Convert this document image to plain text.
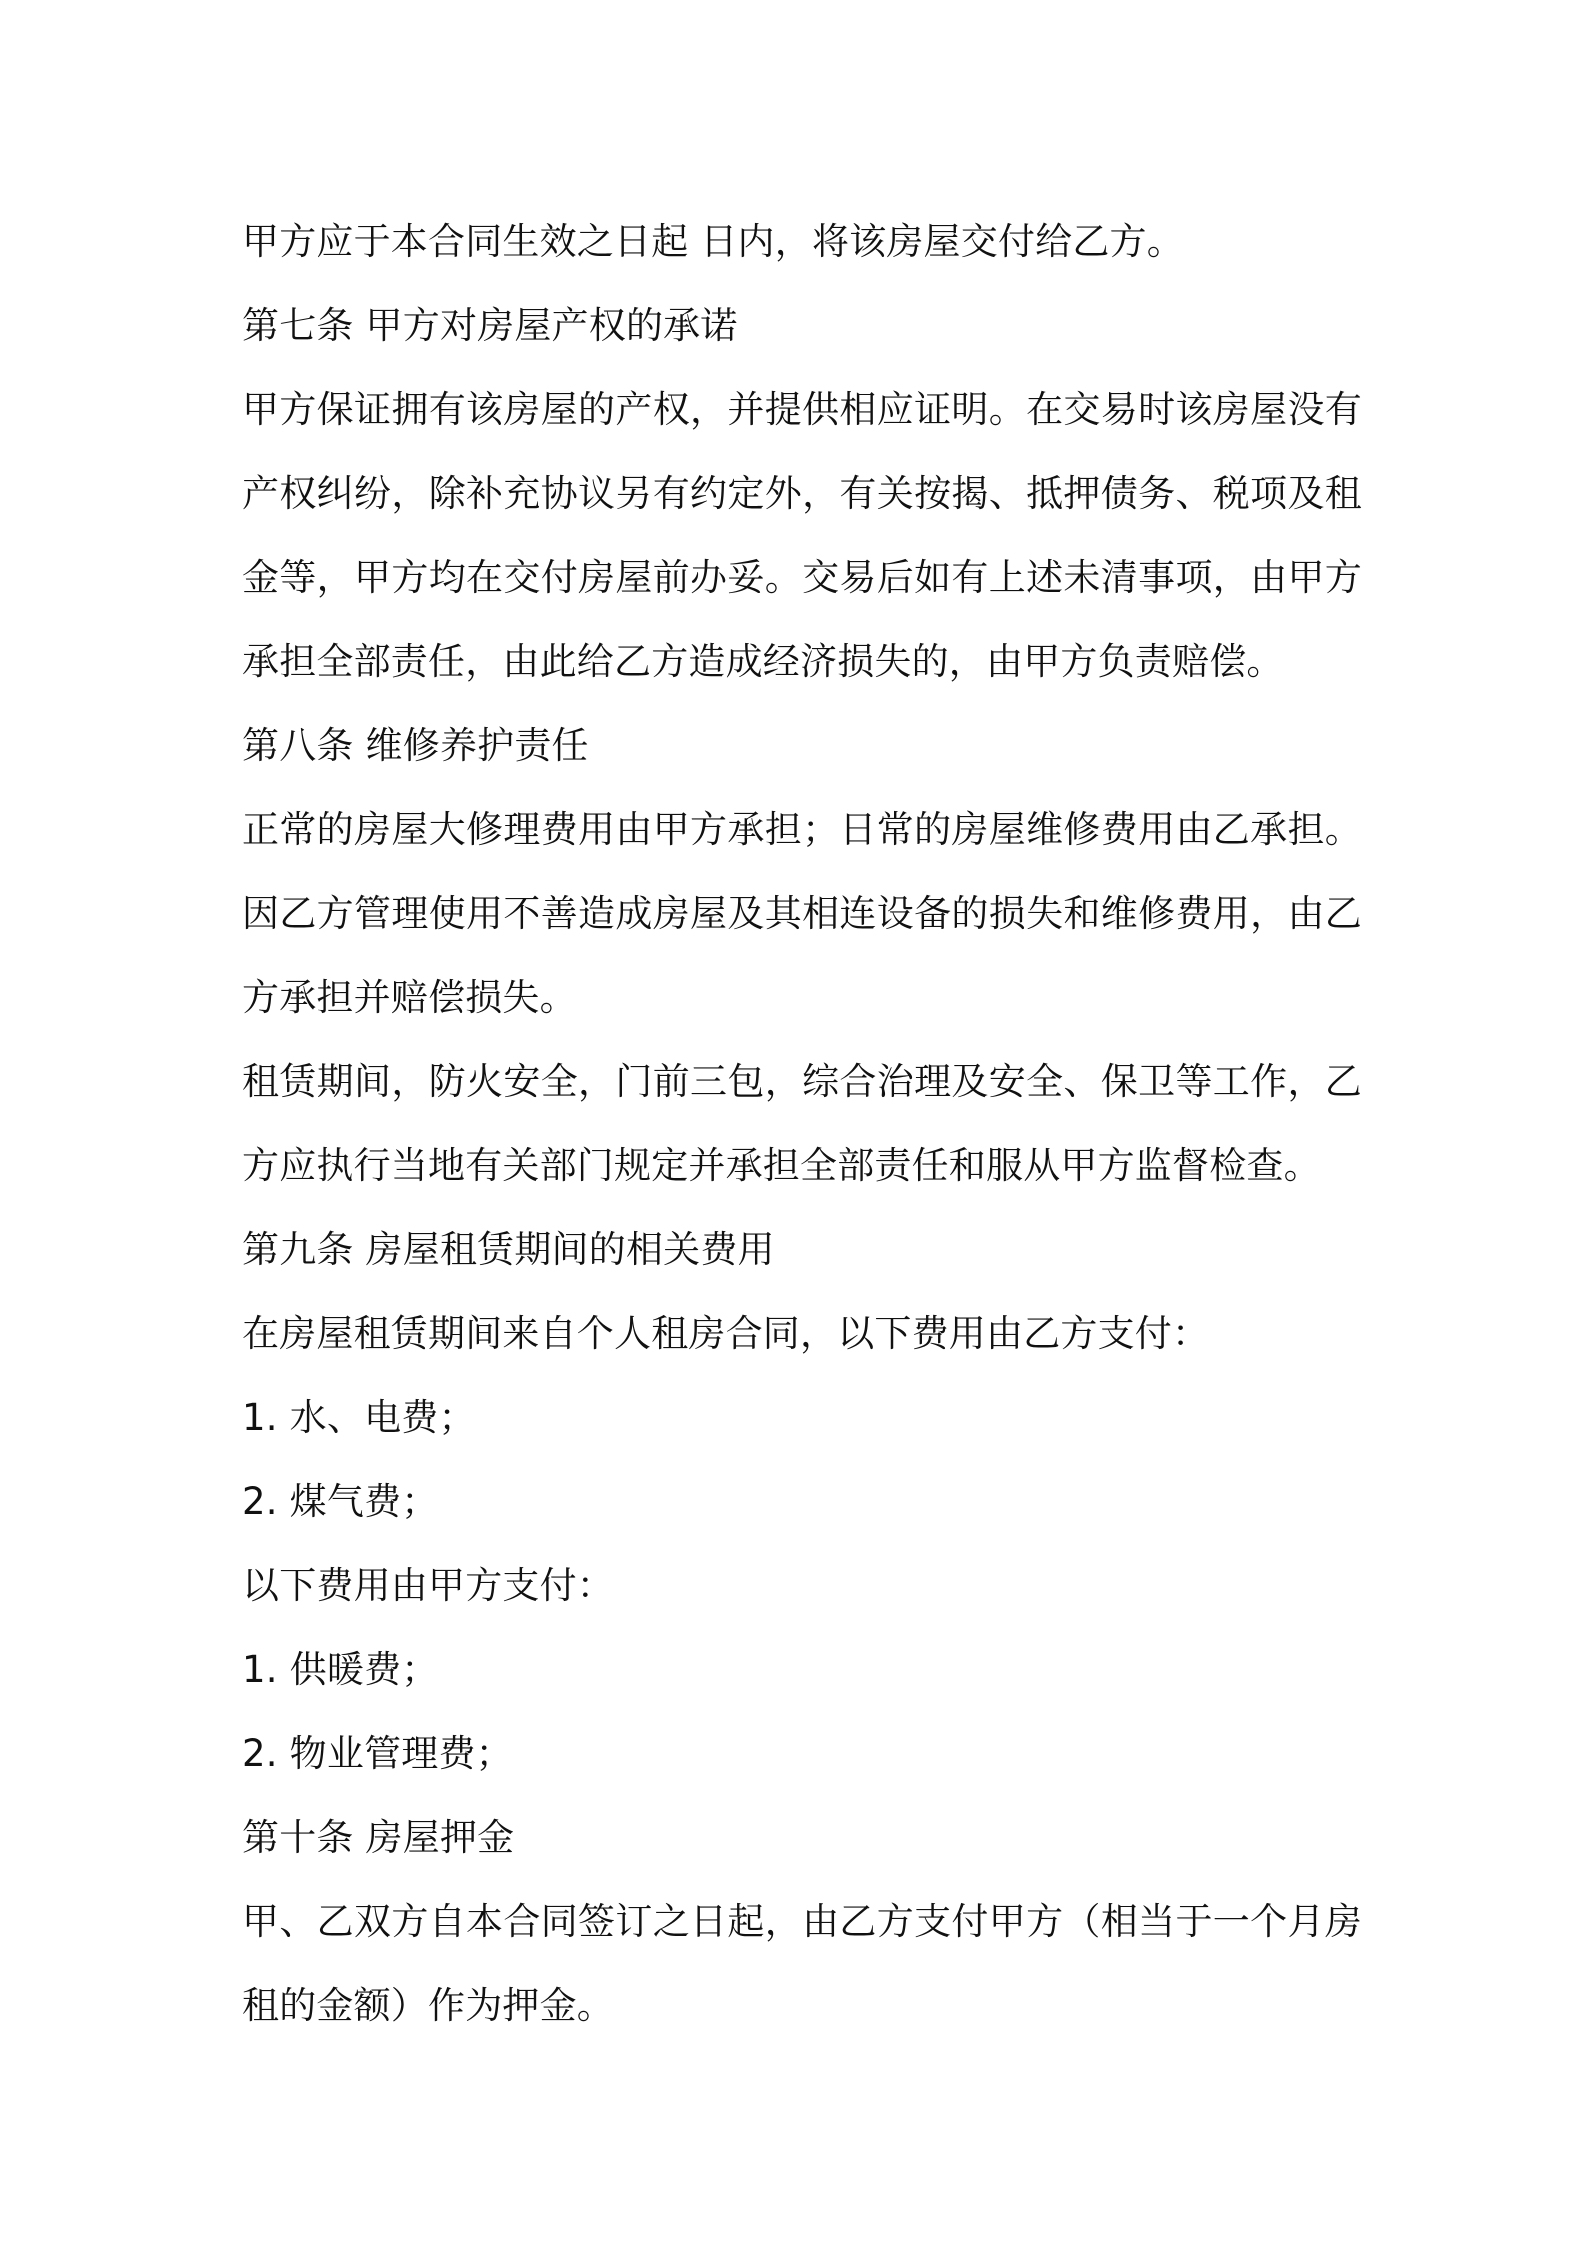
甲方应于本合同生效之日起 日内，将该房屋交付给乙方。
第七条 甲方对房屋产权的承诺
甲方保证拥有该房屋的产权，并提供相应证明。在交易时该房屋没有
产权纠纷，除补充协议另有约定外，有关按揭、抵押债务、税项及租
金等，甲方均在交付房屋前办妥。交易后如有上述未清事项，由甲方
承担全部责任，由此给乙方造成经济损失的，由甲方负责赔偿。
第八条 维修养护责任
正常的房屋大修理费用由甲方承担；日常的房屋维修费用由乙承担。
因乙方管理使用不善造成房屋及其相连设备的损失和维修费用，由乙
方承担并赔偿损失。
租赁期间，防火安全，门前三包，综合治理及安全、保卫等工作，乙
方应执行当地有关部门规定并承担全部责任和服从甲方监督检查。
第九条 房屋租赁期间的相关费用
在房屋租赁期间来自个人租房合同，以下费用由乙方支付：
1. 水、电费；
2. 煤气费；
以下费用由甲方支付：
1. 供暖费；
2. 物业管理费；
第十条 房屋押金
甲、乙双方自本合同签订之日起，由乙方支付甲方（相当于一个月房
租的金额）作为押金。
